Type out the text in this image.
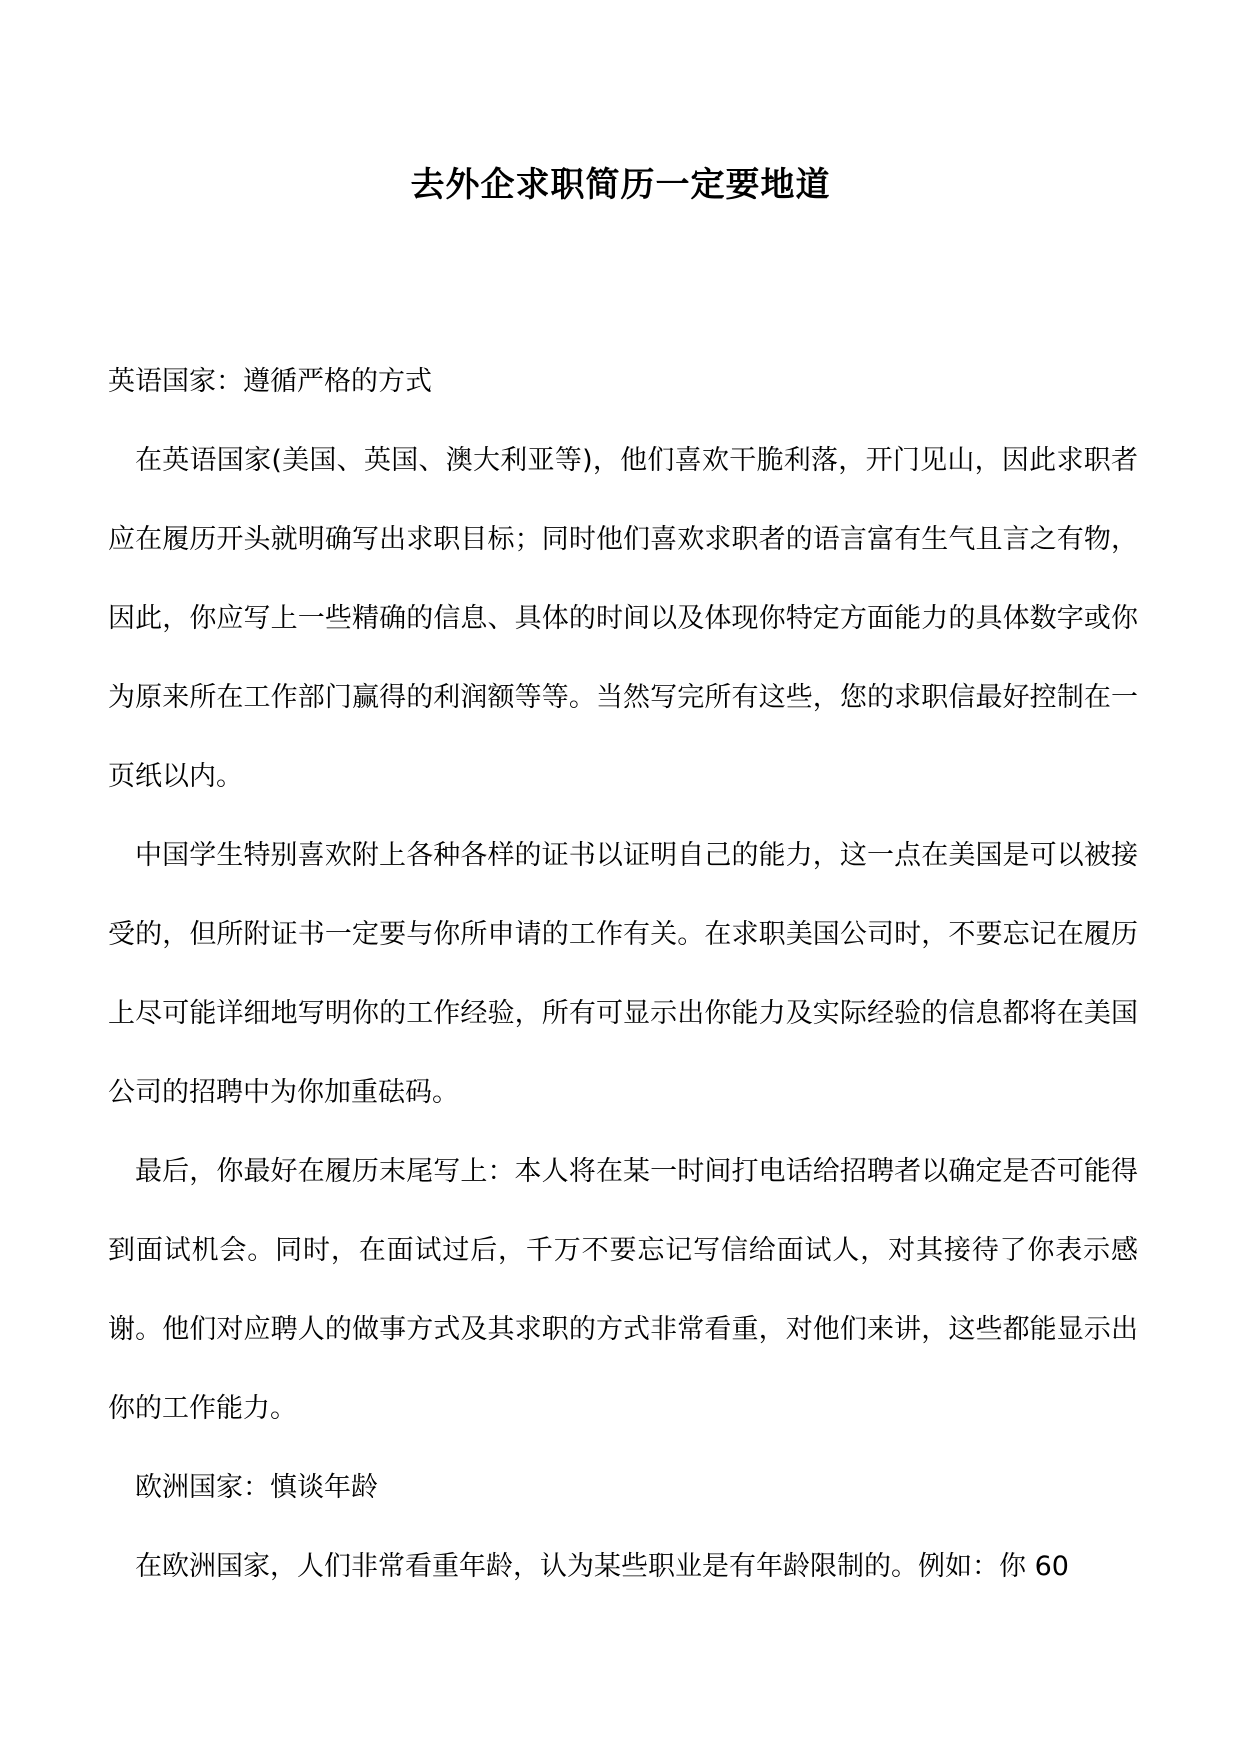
去外企求职简历一定要地道

英语国家：遵循严格的方式

在英语国家(美国、英国、澳大利亚等)，他们喜欢干脆利落，开门见山，因此求职者应在履历开头就明确写出求职目标；同时他们喜欢求职者的语言富有生气且言之有物，因此，你应写上一些精确的信息、具体的时间以及体现你特定方面能力的具体数字或你为原来所在工作部门赢得的利润额等等。当然写完所有这些，您的求职信最好控制在一页纸以内。

中国学生特别喜欢附上各种各样的证书以证明自己的能力，这一点在美国是可以被接受的，但所附证书一定要与你所申请的工作有关。在求职美国公司时，不要忘记在履历上尽可能详细地写明你的工作经验，所有可显示出你能力及实际经验的信息都将在美国公司的招聘中为你加重砝码。

最后，你最好在履历末尾写上：本人将在某一时间打电话给招聘者以确定是否可能得到面试机会。同时，在面试过后，千万不要忘记写信给面试人，对其接待了你表示感谢。他们对应聘人的做事方式及其求职的方式非常看重，对他们来讲，这些都能显示出你的工作能力。

欧洲国家：慎谈年龄

在欧洲国家，人们非常看重年龄，认为某些职业是有年龄限制的。例如：你 60
